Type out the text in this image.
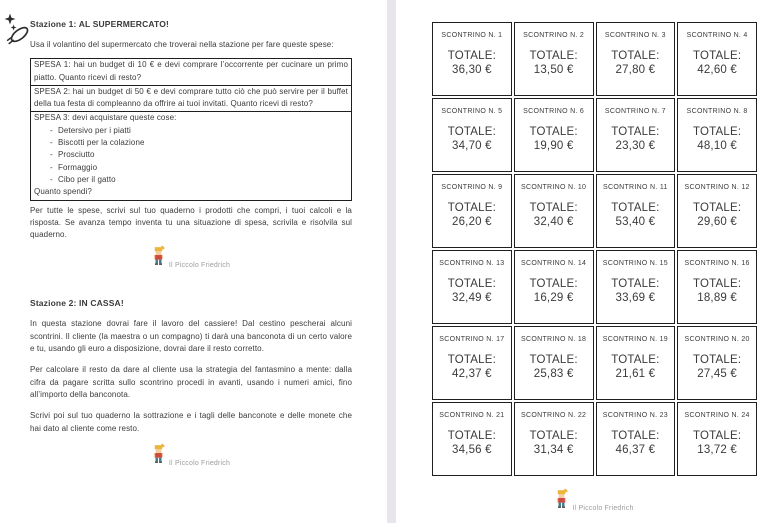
Stazione 1: AL SUPERMERCATO!
Usa il volantino del supermercato che troverai nella stazione per fare queste spese:
SPESA 1: hai un budget di 10 € e devi comprare l’occorrente per cucinare un primo piatto. Quanto ricevi di resto?
SPESA 2: hai un budget di 50 € e devi comprare tutto ciò che può servire per il buffet della tua festa di compleanno da offrire ai tuoi invitati. Quanto ricevi di resto?
SPESA 3: devi acquistare queste cose:
- Detersivo per i piatti
- Biscotti per la colazione
- Prosciutto
- Formaggio
- Cibo per il gatto
Quanto spendi?
Per tutte le spese, scrivi sul tuo quaderno i prodotti che compri, i tuoi calcoli e la risposta. Se avanza tempo inventa tu una situazione di spesa, scrivila e risolvila sul quaderno.
Il Piccolo Friedrich
Stazione 2: IN CASSA!
In questa stazione dovrai fare il lavoro del cassiere! Dal cestino pescherai alcuni scontrini. Il cliente (la maestra o un compagno) ti darà una banconota di un certo valore e tu, usando gli euro a disposizione, dovrai dare il resto corretto.
Per calcolare il resto da dare al cliente usa la strategia del fantasmino a mente: dalla cifra da pagare scritta sullo scontrino procedi in avanti, usando i numeri amici, fino all’importo della banconota.
Scrivi poi sul tuo quaderno la sottrazione e i tagli delle banconote e delle monete che hai dato al cliente come resto.
Il Piccolo Friedrich
SCONTRINO N. 1
TOTALE:
36,30 €
SCONTRINO N. 2
TOTALE:
13,50 €
SCONTRINO N. 3
TOTALE:
27,80 €
SCONTRINO N. 4
TOTALE:
42,60 €
SCONTRINO N. 5
TOTALE:
34,70 €
SCONTRINO N. 6
TOTALE:
19,90 €
SCONTRINO N. 7
TOTALE:
23,30 €
SCONTRINO N. 8
TOTALE:
48,10 €
SCONTRINO N. 9
TOTALE:
26,20 €
SCONTRINO N. 10
TOTALE:
32,40 €
SCONTRINO N. 11
TOTALE:
53,40 €
SCONTRINO N. 12
TOTALE:
29,60 €
SCONTRINO N. 13
TOTALE:
32,49 €
SCONTRINO N. 14
TOTALE:
16,29 €
SCONTRINO N. 15
TOTALE:
33,69 €
SCONTRINO N. 16
TOTALE:
18,89 €
SCONTRINO N. 17
TOTALE:
42,37 €
SCONTRINO N. 18
TOTALE:
25,83 €
SCONTRINO N. 19
TOTALE:
21,61 €
SCONTRINO N. 20
TOTALE:
27,45 €
SCONTRINO N. 21
TOTALE:
34,56 €
SCONTRINO N. 22
TOTALE:
31,34 €
SCONTRINO N. 23
TOTALE:
46,37 €
SCONTRINO N. 24
TOTALE:
13,72 €
Il Piccolo Friedrich
